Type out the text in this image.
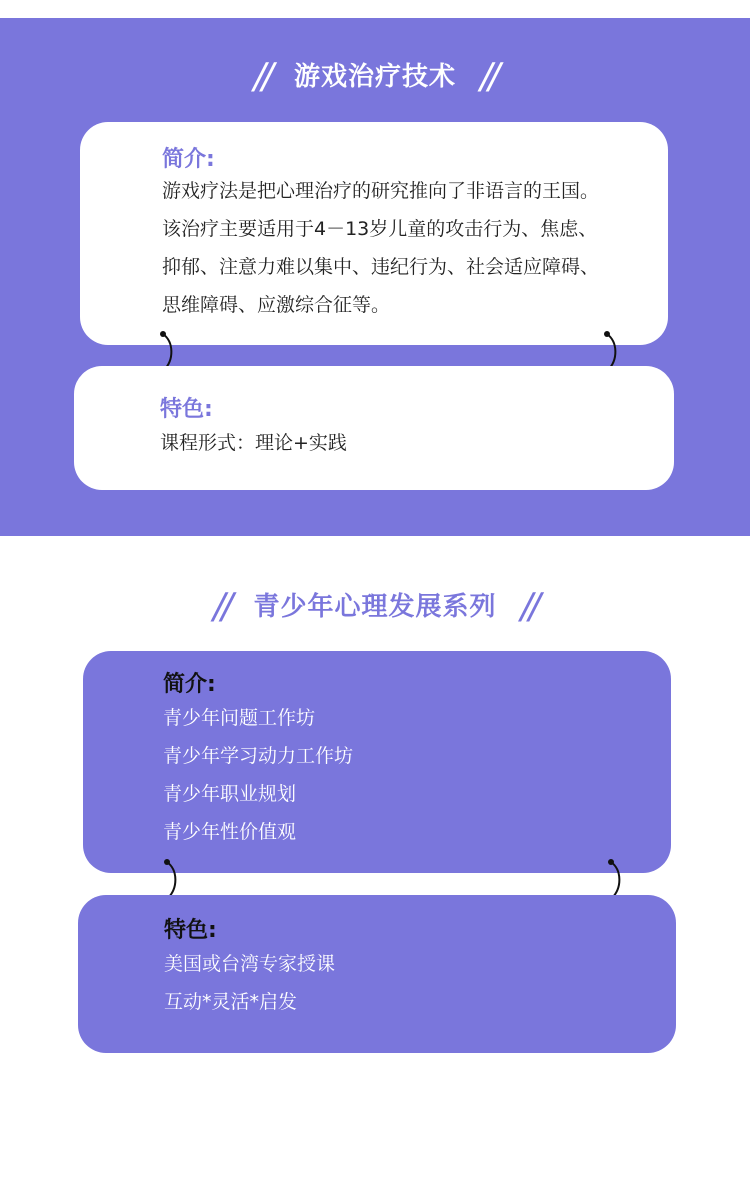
// 游戏治疗技术 //
简介:
游戏疗法是把心理治疗的研究推向了非语言的王国。
该治疗主要适用于4－13岁儿童的攻击行为、焦虑、
抑郁、注意力难以集中、违纪行为、社会适应障碍、
思维障碍、应激综合征等。
特色:
课程形式：理论+实践
// 青少年心理发展系列 //
简介:
青少年问题工作坊
青少年学习动力工作坊
青少年职业规划
青少年性价值观
特色:
美国或台湾专家授课
互动*灵活*启发
